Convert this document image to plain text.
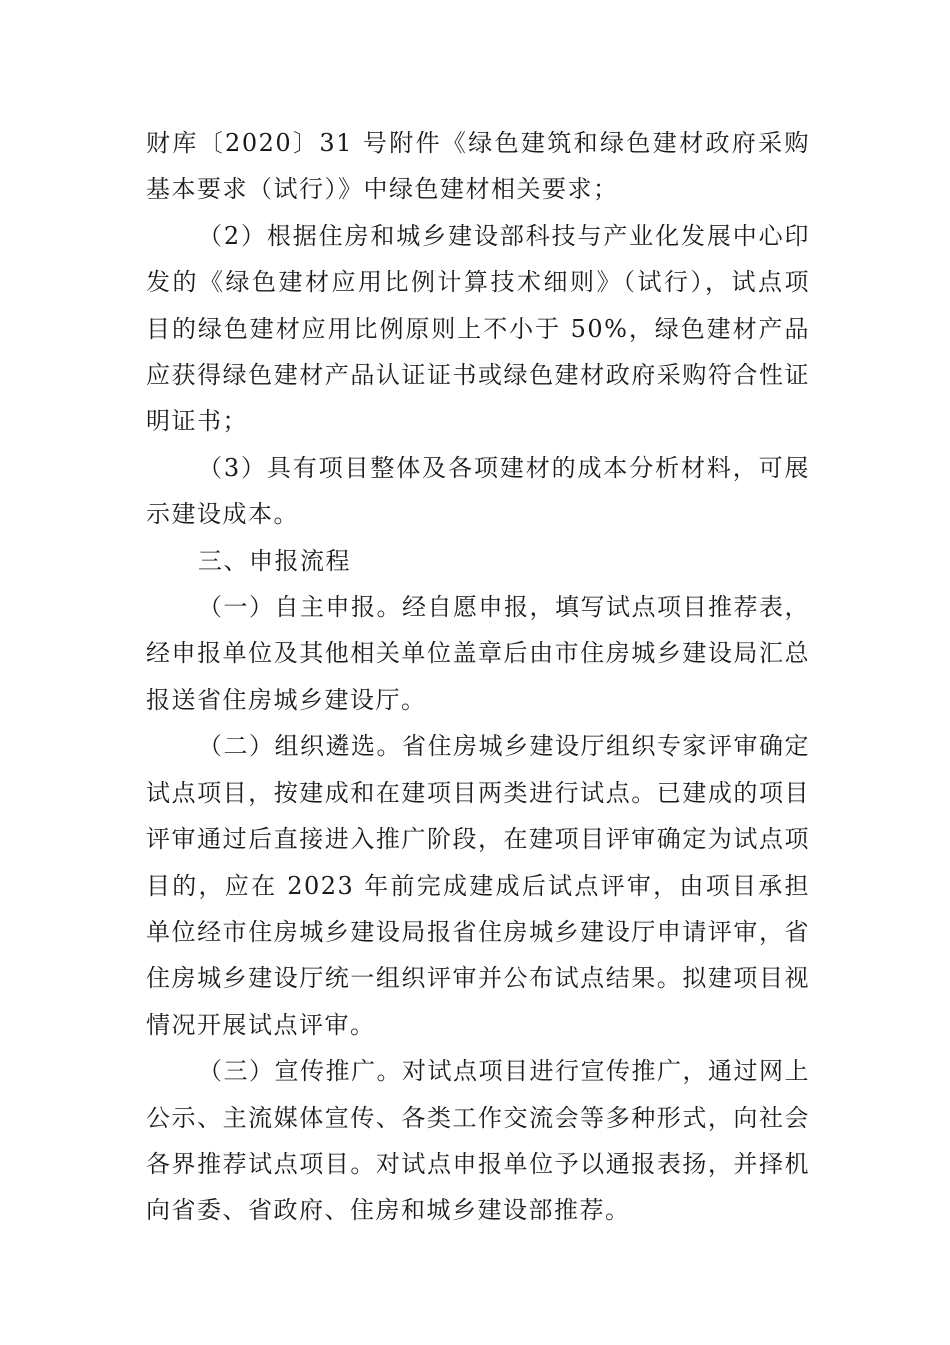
财库〔2020〕31 号附件《绿色建筑和绿色建材政府采购基本要求（试行）》中绿色建材相关要求；

（2）根据住房和城乡建设部科技与产业化发展中心印发的《绿色建材应用比例计算技术细则》（试行），试点项目的绿色建材应用比例原则上不小于 50%，绿色建材产品应获得绿色建材产品认证证书或绿色建材政府采购符合性证明证书；

（3）具有项目整体及各项建材的成本分析材料，可展示建设成本。

三、申报流程

（一）自主申报。经自愿申报，填写试点项目推荐表，经申报单位及其他相关单位盖章后由市住房城乡建设局汇总报送省住房城乡建设厅。

（二）组织遴选。省住房城乡建设厅组织专家评审确定试点项目，按建成和在建项目两类进行试点。已建成的项目评审通过后直接进入推广阶段，在建项目评审确定为试点项目的，应在 2023 年前完成建成后试点评审，由项目承担单位经市住房城乡建设局报省住房城乡建设厅申请评审，省住房城乡建设厅统一组织评审并公布试点结果。拟建项目视情况开展试点评审。

（三）宣传推广。对试点项目进行宣传推广，通过网上公示、主流媒体宣传、各类工作交流会等多种形式，向社会各界推荐试点项目。对试点申报单位予以通报表扬，并择机向省委、省政府、住房和城乡建设部推荐。
